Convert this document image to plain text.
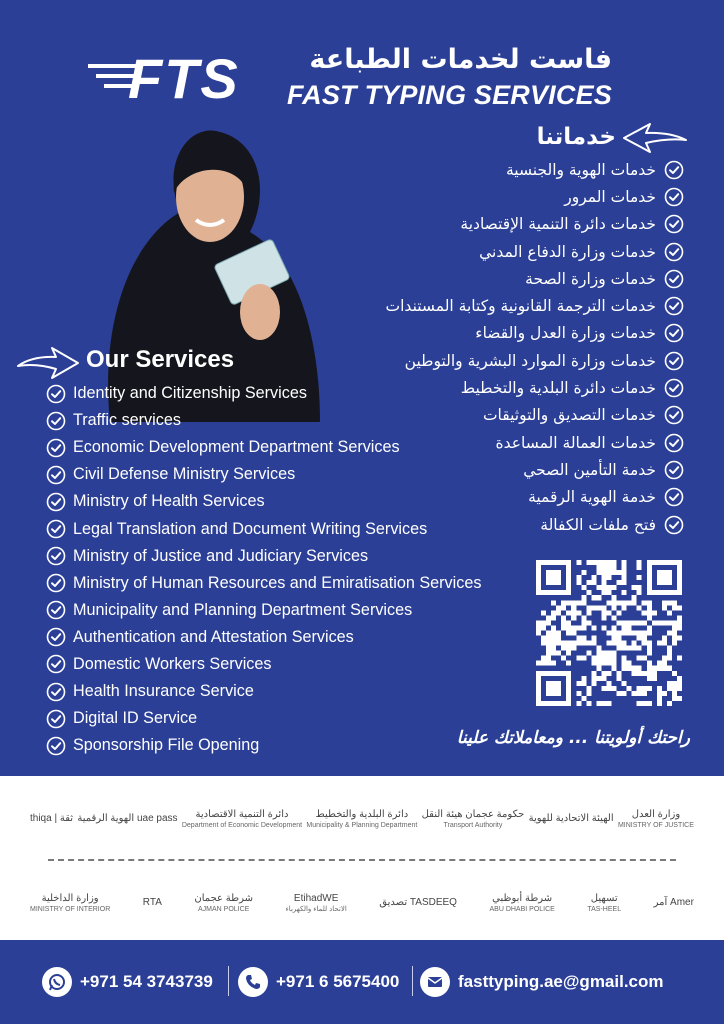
FTS	فاست لخدمات الطباعة
FAST TYPING SERVICES
خدماتنا
خدمات الهوية والجنسية
خدمات المرور
خدمات دائرة التنمية الإقتصادية
خدمات وزارة الدفاع المدني
خدمات وزارة الصحة
خدمات الترجمة القانونية وكتابة المستندات
خدمات وزارة العدل والقضاء
خدمات وزارة الموارد البشرية والتوطين
خدمات دائرة البلدية والتخطيط
خدمات التصديق والتوثيقات
خدمات العمالة المساعدة
خدمة التأمين الصحي
خدمة الهوية الرقمية
فتح ملفات الكفالة
Our Services
Identity and Citizenship Services
Traffic services
Economic Development Department Services
Civil Defense Ministry Services
Ministry of Health Services
Legal Translation and Document Writing Services
Ministry of Justice and Judiciary Services
Ministry of Human Resources and Emiratisation Services
Municipality and Planning Department Services
Authentication and Attestation Services
Domestic Workers Services
Health Insurance Service
Digital ID Service
Sponsorship File Opening	راحتك أولويتنا ... ومعاملاتك علينا
thiqa | ثقة الهوية الرقمية uae pass دائرة التنمية الاقتصادية
Department of Economic Development
دائرة البلدية والتخطيط
Municipality & Planning Department
حكومة عجمان هيئة النقل
Transport Authority
الهيئة الاتحادية للهوية وزارة العدل
MINISTRY OF JUSTICE
وزارة الداخلية
MINISTRY OF INTERIOR
RTA	شرطة عجمان
AJMAN POLICE
EtihadWE
الاتحاد للماء والكهرباء
تصديق TASDEEQ	شرطة أبوظبي
ABU DHABI POLICE
تسهيل
TAS-HEEL
آمر Amer
+971 54 3743739	+971 6 5675400	fasttyping.ae@gmail.com
